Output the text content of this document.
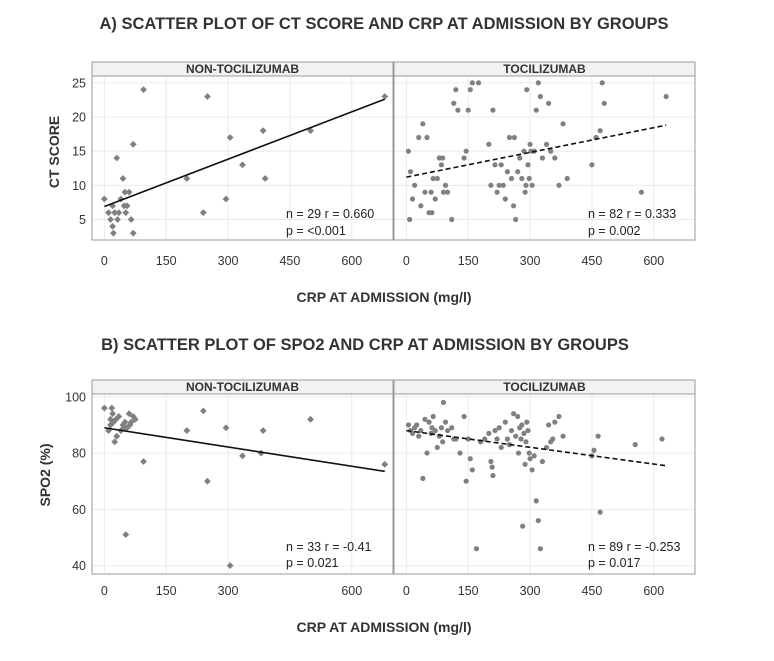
A) SCATTER PLOT OF CT SCORE AND CRP AT ADMISSION BY GROUPS
CT SCORE
CRP AT ADMISSION (mg/l)
NON-TOCILIZUMAB
0	150	300	450	600
n = 29 r = 0.660
p = <0.001
TOCILIZUMAB
0	150	300	450	600
n = 82 r = 0.333
p = 0.002
5
10
15
20
25
B) SCATTER PLOT OF SPO2 AND CRP AT ADMISSION BY GROUPS
SPO2 (%)
CRP AT ADMISSION (mg/l)
NON-TOCILIZUMAB
0	150	300	600
n = 33 r = -0.41
p = 0.021
TOCILIZUMAB
0	150	300	450	600
n = 89 r = -0.253
p = 0.017
40
60
80
100
